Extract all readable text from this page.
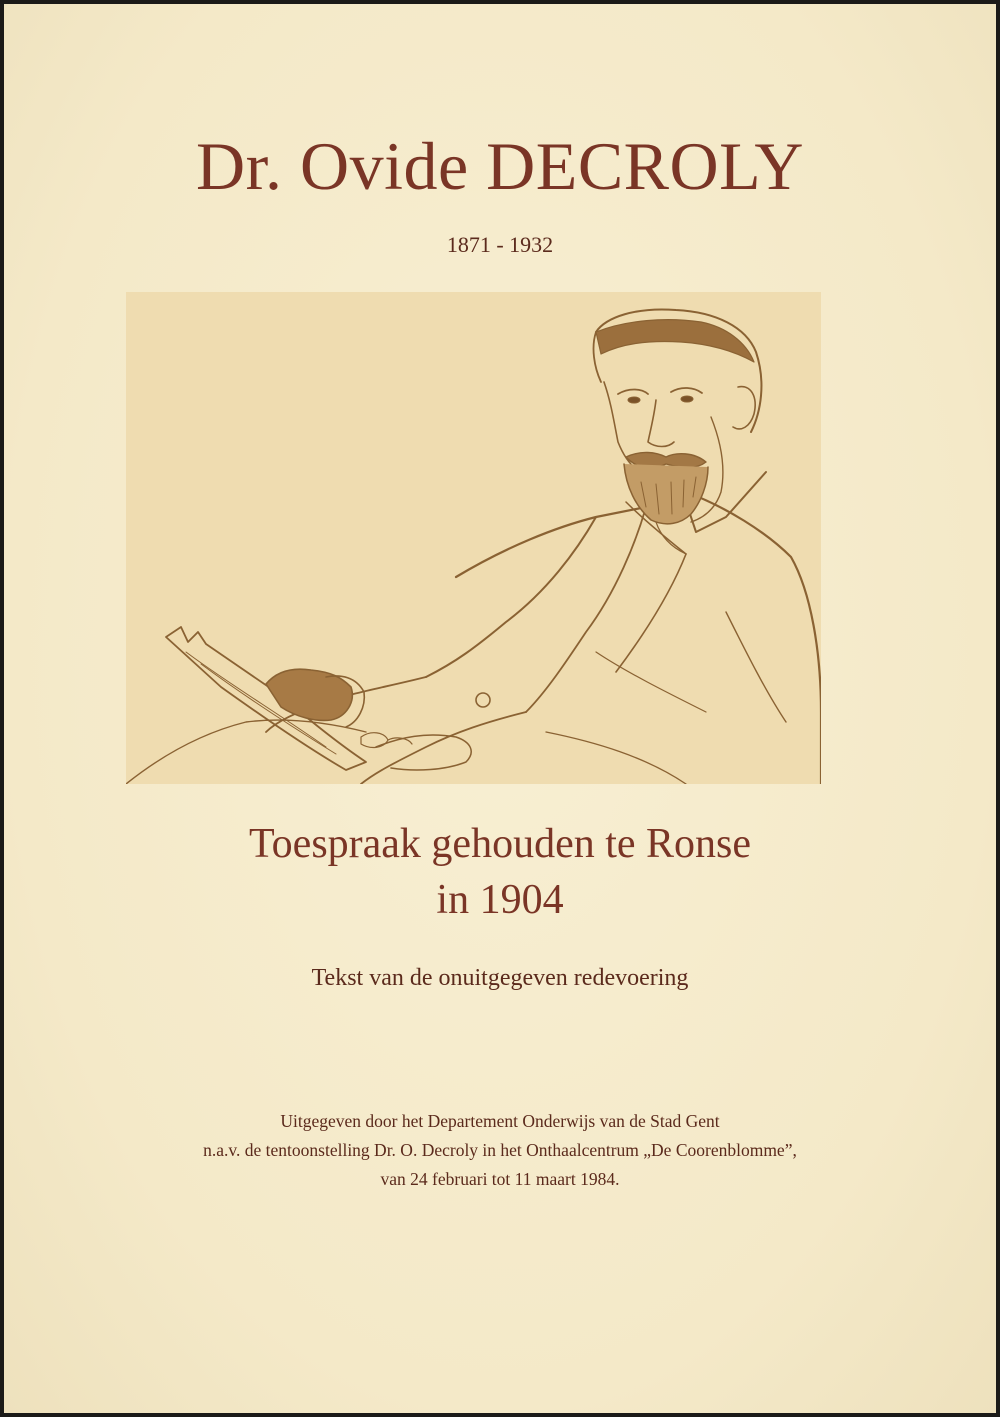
Dr. Ovide DECROLY
1871 - 1932
Toespraak gehouden te Ronse
in 1904
Tekst van de onuitgegeven redevoering
Uitgegeven door het Departement Onderwijs van de Stad Gent
n.a.v. de tentoonstelling Dr. O. Decroly in het Onthaalcentrum „De Coorenblomme”,
van 24 februari tot 11 maart 1984.
